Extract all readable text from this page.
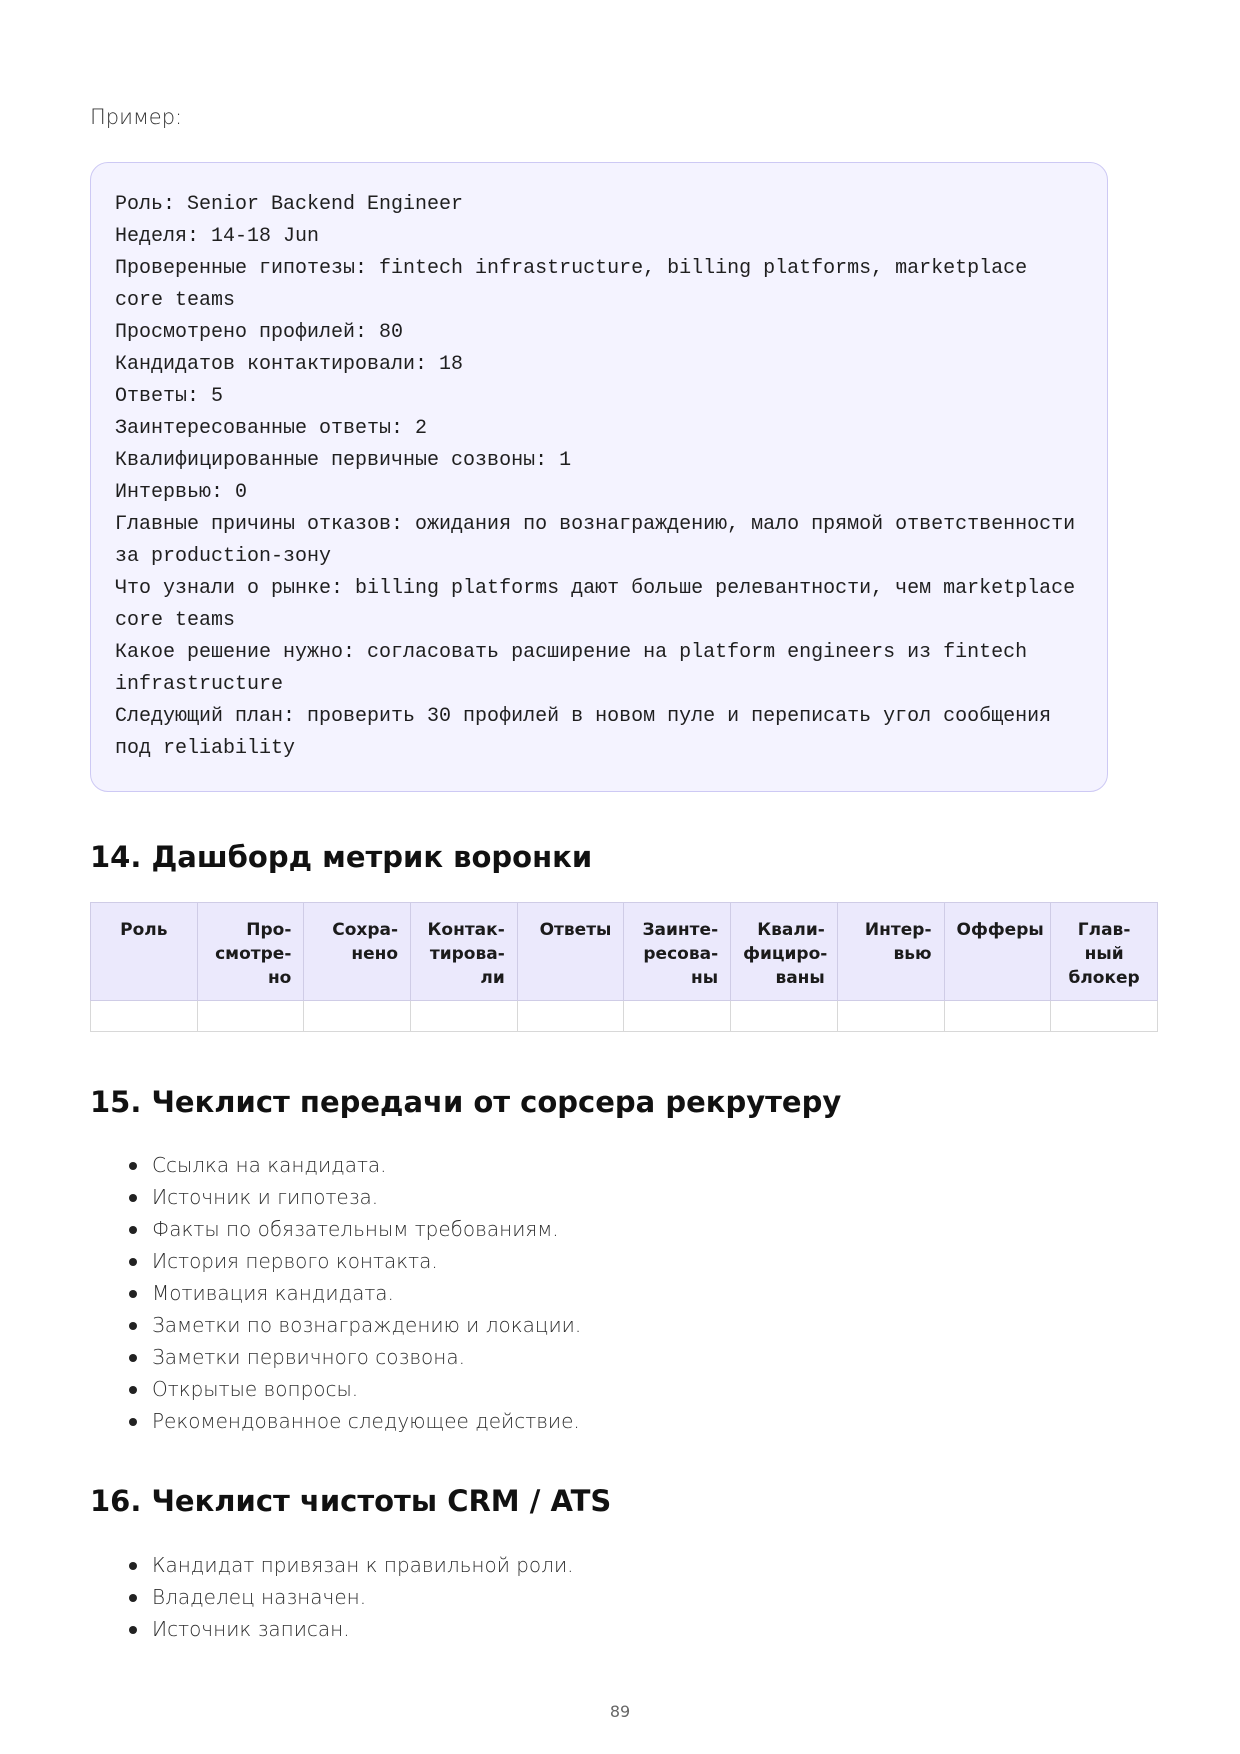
Пример:

Роль: Senior Backend Engineer

Неделя: 14-18 Jun

Проверенные гипотезы: fintech infrastructure, billing platforms, marketplace core teams

Просмотрено профилей: 80

Кандидатов контактировали: 18

Ответы: 5

Заинтересованные ответы: 2

Квалифицированные первичные созвоны: 1

Интервью: 0

Главные причины отказов: ожидания по вознаграждению, мало прямой ответственности за production-зону

Что узнали о рынке: billing platforms дают больше релевантности, чем marketplace core teams

Какое решение нужно: согласовать расширение на platform engineers из fintech infrastructure

Следующий план: проверить 30 профилей в новом пуле и переписать угол сообщения под reliability

14. Дашборд метрик воронки
Роль	Просмотрено	Сохранено	Контактировали	Ответы	Заинтересованы	Квалифицированы	Интервью	Офферы	Главный блокер

15. Чеклист передачи от сорсера рекрутеру
Ссылка на кандидата.
Источник и гипотеза.
Факты по обязательным требованиям.
История первого контакта.
Мотивация кандидата.
Заметки по вознаграждению и локации.
Заметки первичного созвона.
Открытые вопросы.
Рекомендованное следующее действие.
16. Чеклист чистоты CRM / ATS
Кандидат привязан к правильной роли.
Владелец назначен.
Источник записан.
89
